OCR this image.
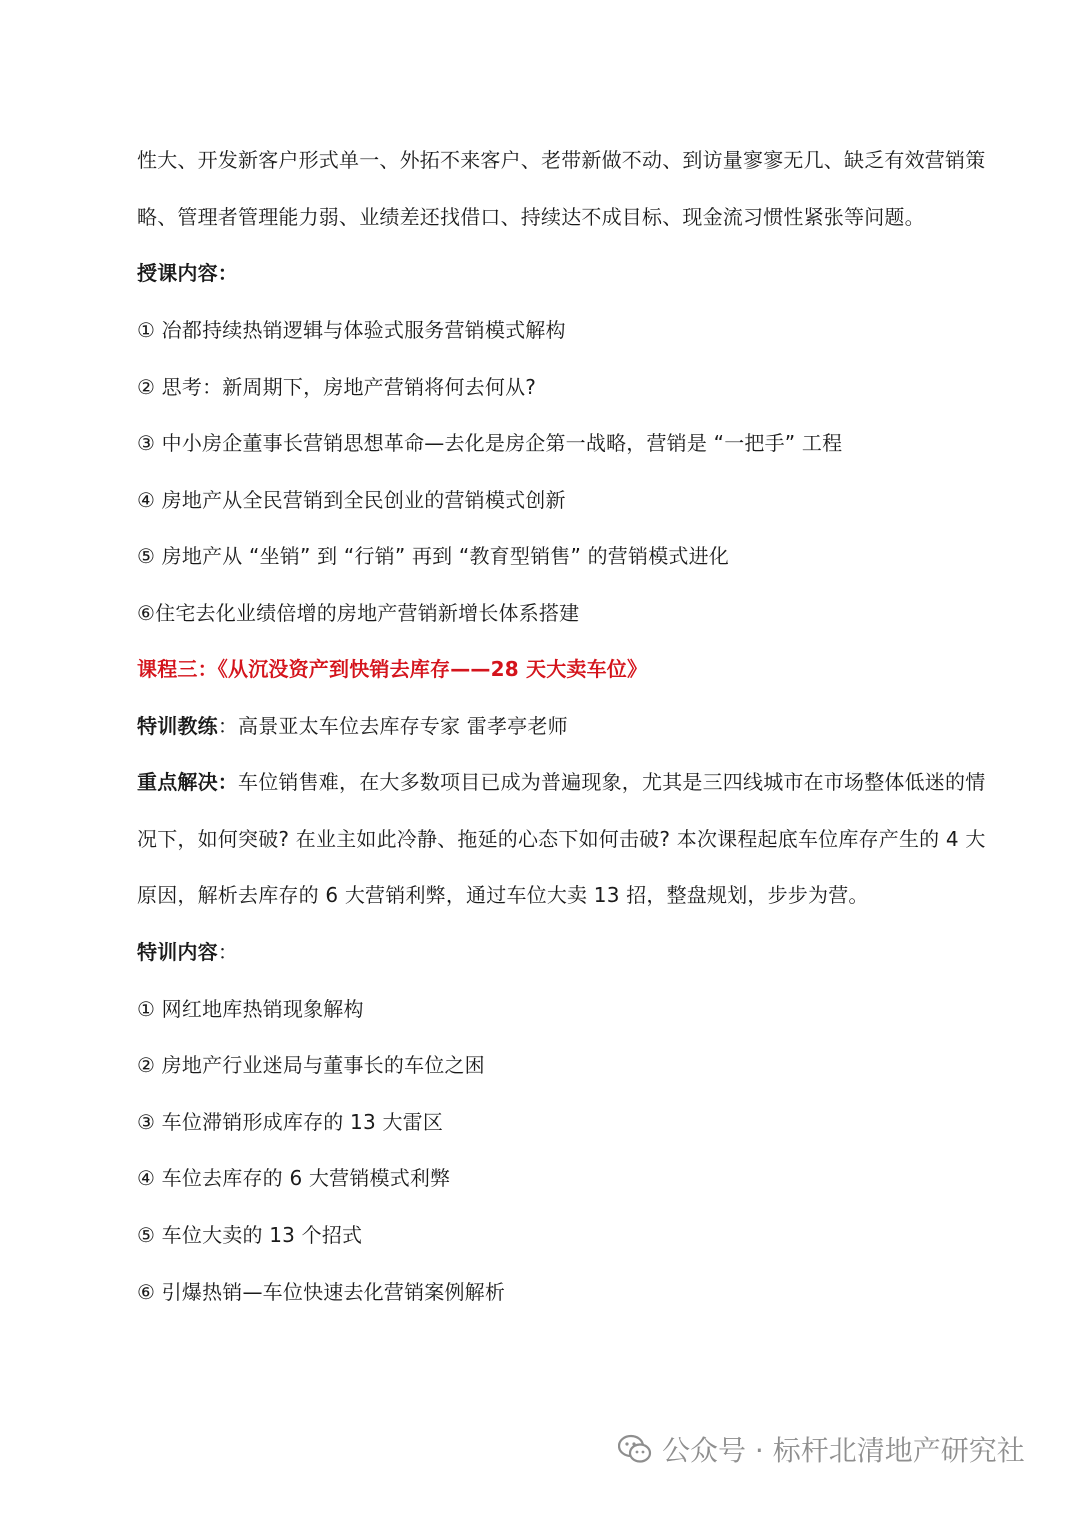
性大、开发新客户形式单一、外拓不来客户、老带新做不动、到访量寥寥无几、缺乏有效营销策
略、管理者管理能力弱、业绩差还找借口、持续达不成目标、现金流习惯性紧张等问题。
授课内容：
① 冶都持续热销逻辑与体验式服务营销模式解构
② 思考：新周期下，房地产营销将何去何从?
③ 中小房企董事长营销思想革命—去化是房企第一战略，营销是 “一把手” 工程
④ 房地产从全民营销到全民创业的营销模式创新
⑤ 房地产从 “坐销” 到 “行销” 再到 “教育型销售” 的营销模式进化
⑥住宅去化业绩倍增的房地产营销新增长体系搭建
课程三：《从沉没资产到快销去库存——28 天大卖车位》
特训教练：高景亚太车位去库存专家 雷孝亭老师
重点解决：车位销售难，在大多数项目已成为普遍现象，尤其是三四线城市在市场整体低迷的情
况下，如何突破? 在业主如此冷静、拖延的心态下如何击破? 本次课程起底车位库存产生的 4 大
原因，解析去库存的 6 大营销利弊，通过车位大卖 13 招，整盘规划，步步为营。
特训内容：
① 网红地库热销现象解构
② 房地产行业迷局与董事长的车位之困
③ 车位滞销形成库存的 13 大雷区
④ 车位去库存的 6 大营销模式利弊
⑤ 车位大卖的 13 个招式
⑥ 引爆热销—车位快速去化营销案例解析
公众号 · 标杆北清地产研究社
